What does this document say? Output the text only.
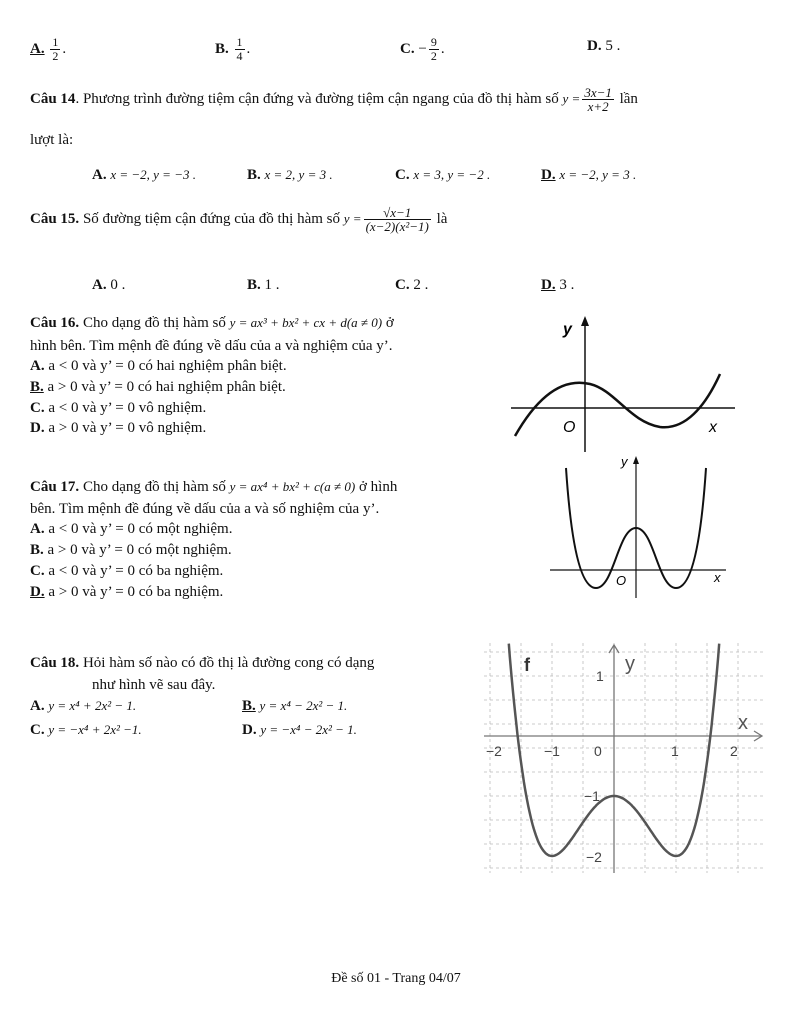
A. $\frac{1}{2}$ .	B. $\frac{1}{4}$ .	C. − $\frac{9}{2}$ .	D. 5 .
Câu 14. Phương trình đường tiệm cận đứng và đường tiệm cận ngang của đồ thị hàm số $y = \frac{3x-1}{x+2}$ lần
lượt là:
A. x = −2, y = −3 .	B. x = 2, y = 3 .	C. x = 3, y = −2 .	D. x = −2, y = 3 .
Câu 15. Số đường tiệm cận đứng của đồ thị hàm số $y = \frac{√x-1}{\text{(x−2)(x²−1)}}$ là
A. 0 .	B. 1 .	C. 2 .	D. 3 .
Câu 16. Cho dạng đồ thị hàm số y = ax³ + bx² + cx + d(a ≠ 0) ở
hình bên. Tìm mệnh đề đúng về dấu của a và nghiệm của y’.
A. a < 0 và y’ = 0 có hai nghiệm phân biệt.
B. a > 0 và y’ = 0 có hai nghiệm phân biệt.
C. a < 0 và y’ = 0 vô nghiệm.
D. a > 0 và y’ = 0 vô nghiệm.
y
O	x
Câu 17. Cho dạng đồ thị hàm số y = ax⁴ + bx² + c(a ≠ 0) ở hình
bên. Tìm mệnh đề đúng về dấu của a và số nghiệm của y’.
A. a < 0 và y’ = 0 có một nghiệm.
B. a > 0 và y’ = 0 có một nghiệm.
C. a < 0 và y’ = 0 có ba nghiệm.
D. a > 0 và y’ = 0 có ba nghiệm.
y
O	x
Câu 18. Hỏi hàm số nào có đồ thị là đường cong có dạng
như hình vẽ sau đây.
A. y = x⁴ + 2x² − 1.	B. y = x⁴ − 2x² − 1.
C. y = −x⁴ + 2x² −1.	D. y = −x⁴ − 2x² − 1.
f	y
x
−2	−1 0	1	2
1
−1
−2
Đề số 01 - Trang 04/07
